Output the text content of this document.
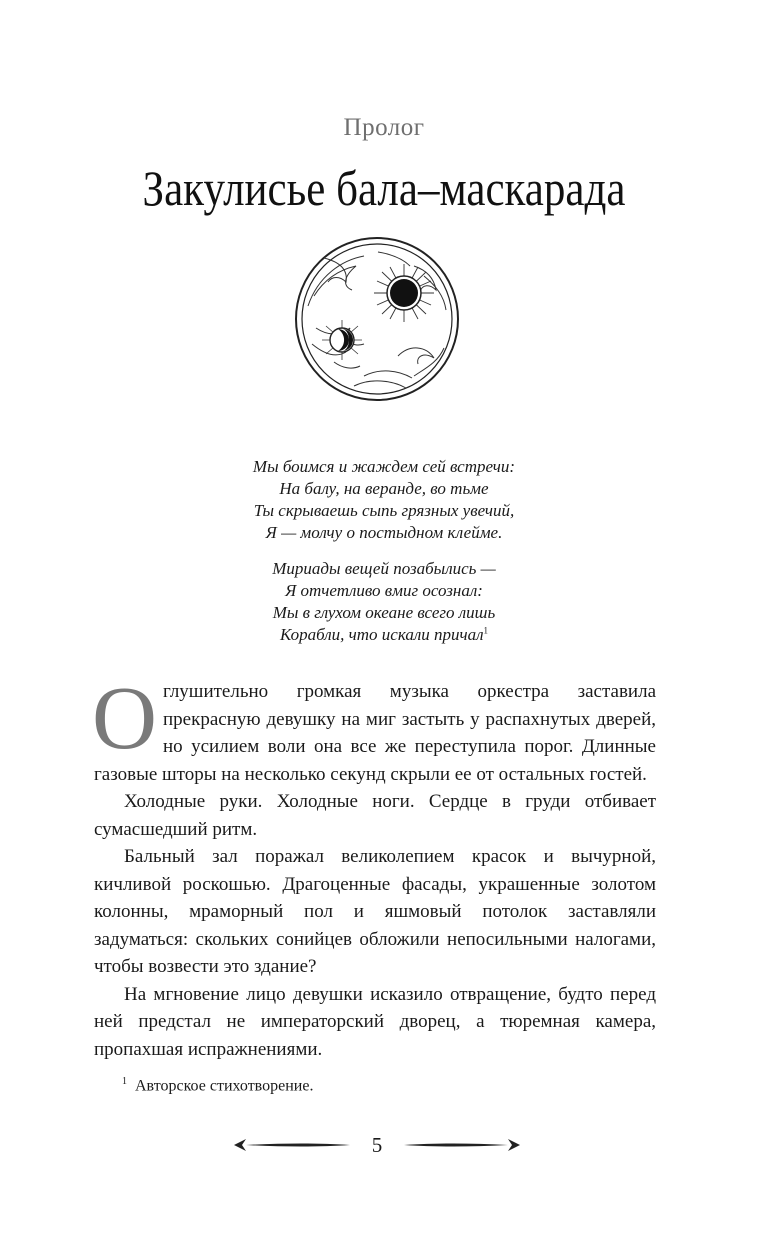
Пролог
Закулисье бала–маскарада
Мы боимся и жаждем сей встречи:
На балу, на веранде, во тьме
Ты скрываешь сыпь грязных увечий,
Я — молчу о постыдном клейме.
Мириады вещей позабылись —
Я отчетливо вмиг осознал:
Мы в глухом океане всего лишь
Корабли, что искали причал$^1$

Оглушительно громкая музыка оркестра заставила прекрасную девушку на миг застыть у распахнутых дверей, но усилием воли она все же переступила порог. Длинные газовые шторы на несколько секунд скрыли ее от остальных гостей.

Холодные руки. Холодные ноги. Сердце в груди отбивает сумасшедший ритм.

Бальный зал поражал великолепием красок и вычурной, кичливой роскошью. Драгоценные фасады, украшенные золотом колонны, мраморный пол и яшмовый потолок заставляли задуматься: скольких сонийцев обложили непосильными налогами, чтобы возвести это здание?

На мгновение лицо девушки исказило отвращение, будто перед ней предстал не императорский дворец, а тюремная камера, пропахшая испражнениями.

$^1$ Авторское стихотворение.
5
